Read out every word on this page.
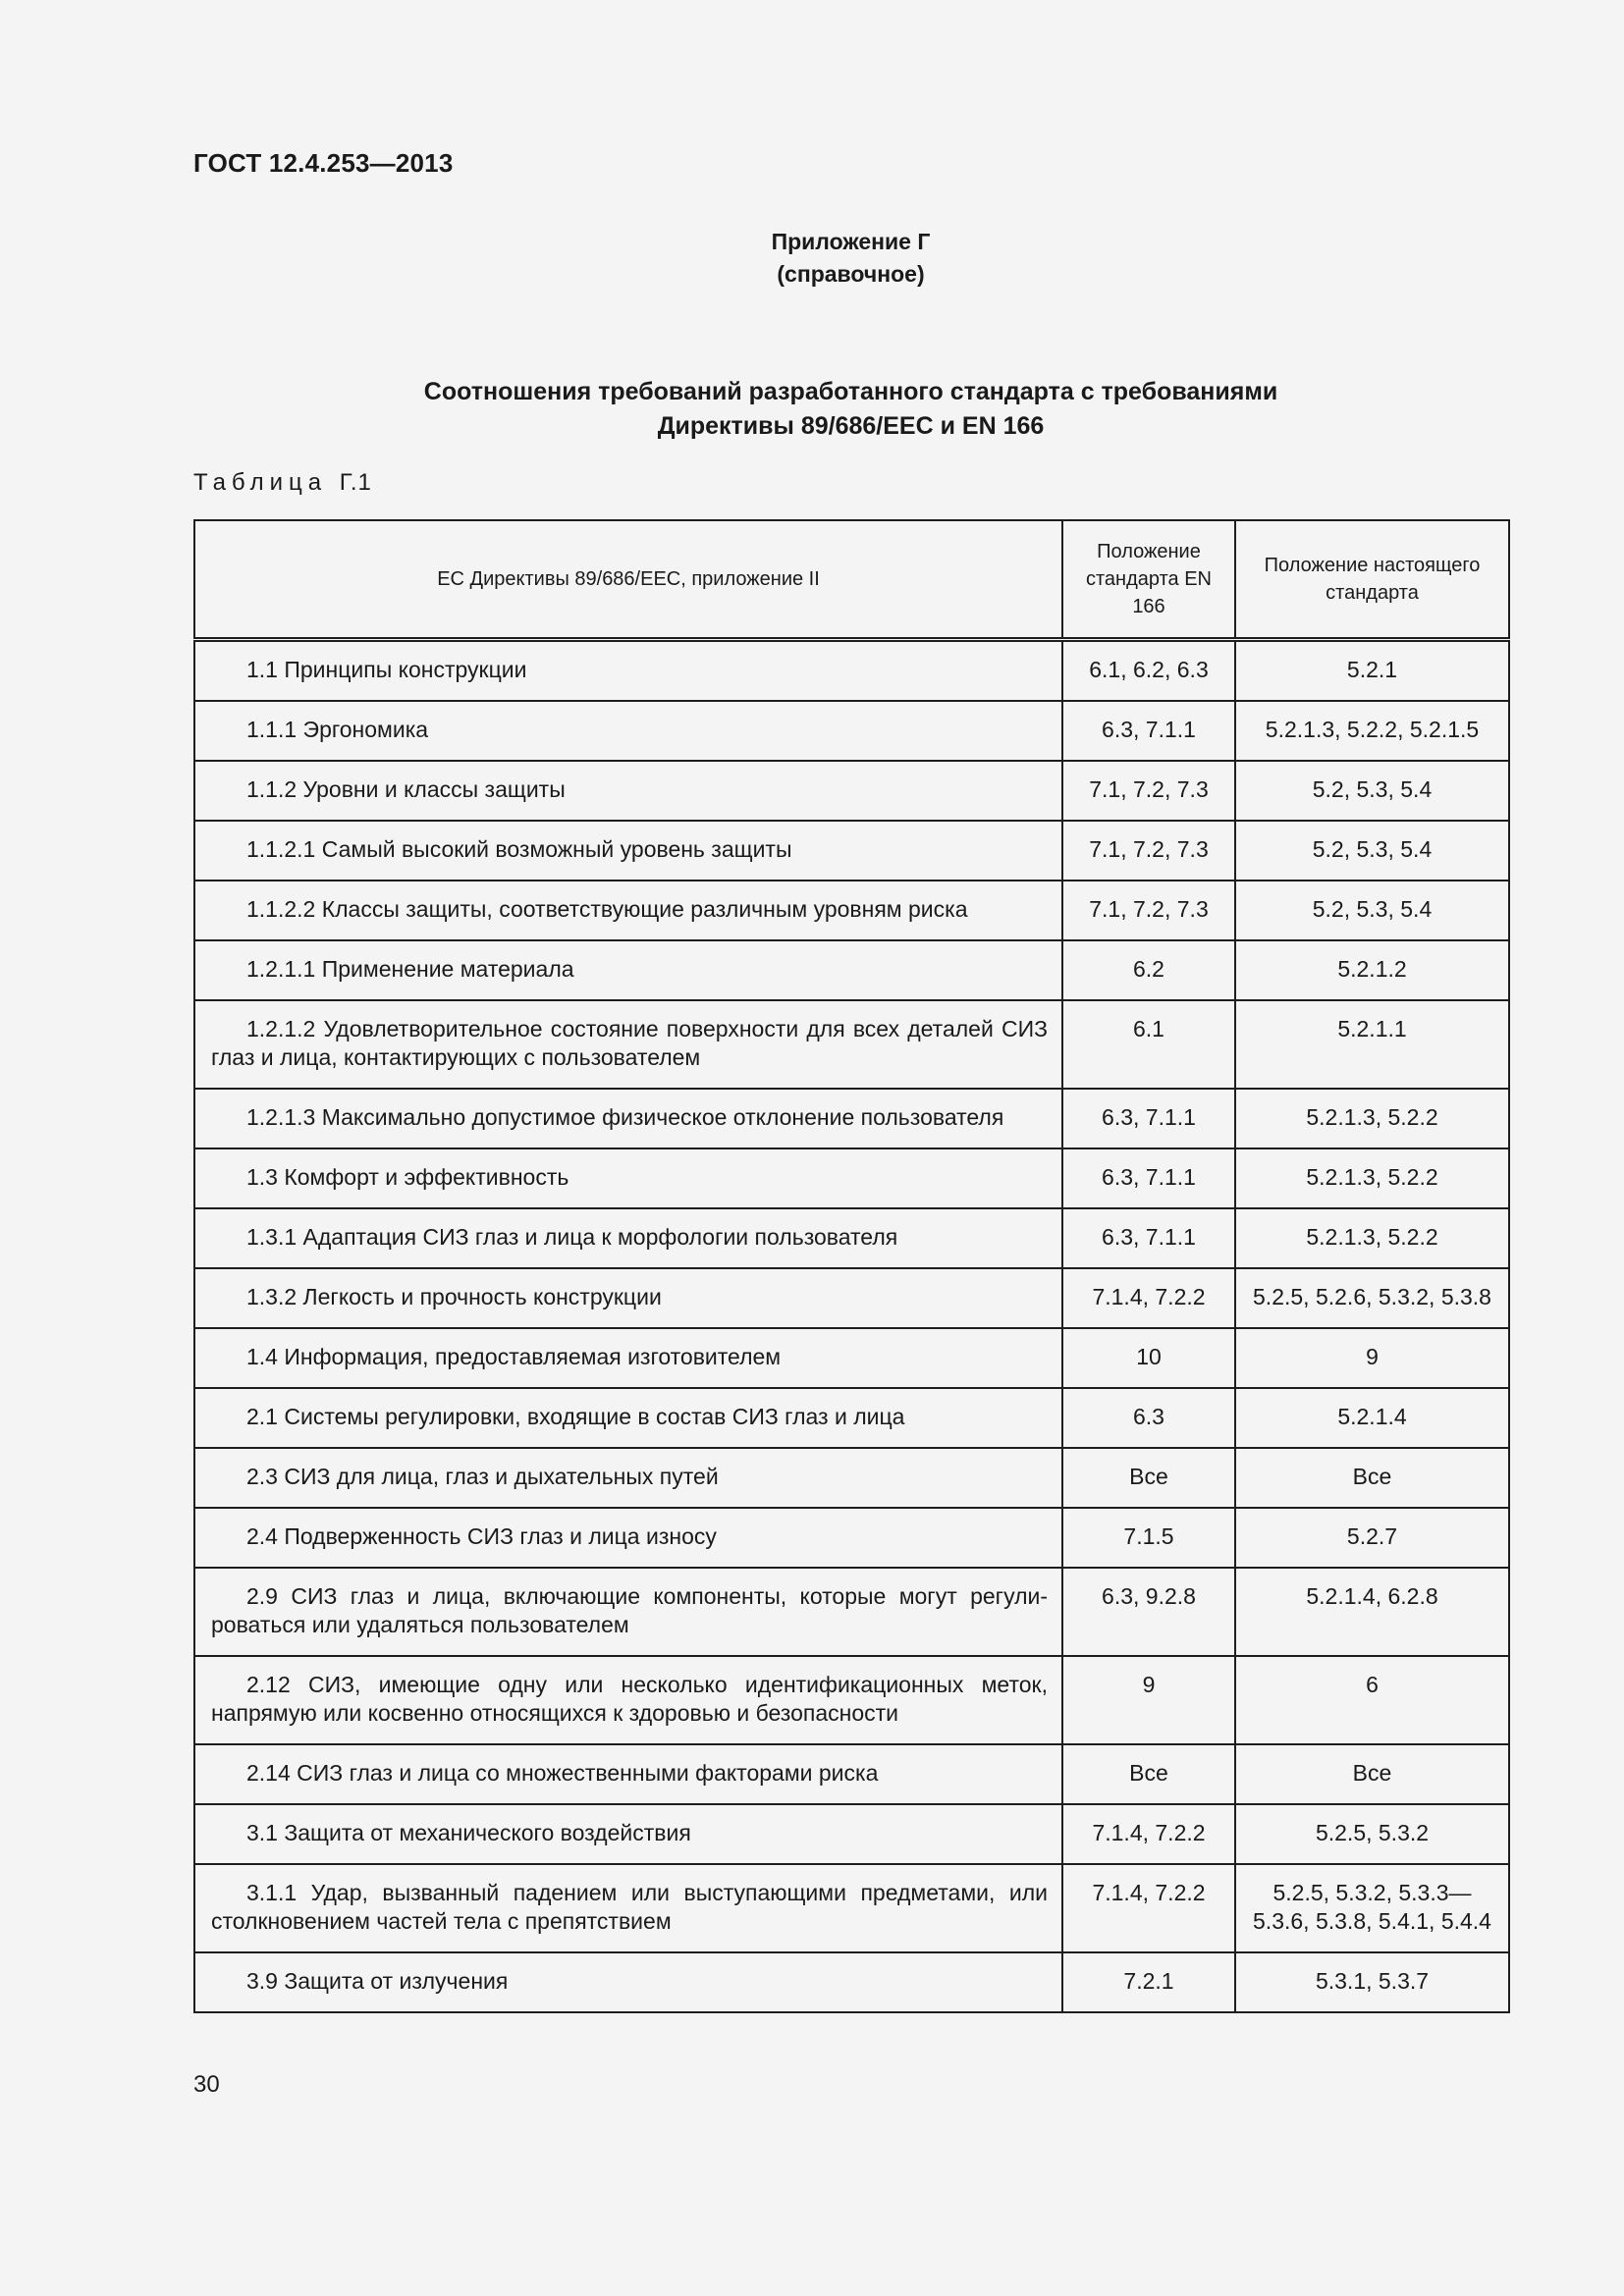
ГОСТ 12.4.253—2013
Приложение Г
(справочное)
Соотношения требований разработанного стандарта с требованиями
Директивы 89/686/EEC и EN 166
Таблица Г.1
ЕС Директивы 89/686/ЕЕС, приложение II	Положение стандарта EN 166	Положение настоящего стандарта
1.1 Принципы конструкции	6.1, 6.2, 6.3	5.2.1
1.1.1 Эргономика	6.3, 7.1.1	5.2.1.3, 5.2.2, 5.2.1.5
1.1.2 Уровни и классы защиты	7.1, 7.2, 7.3	5.2, 5.3, 5.4
1.1.2.1 Самый высокий возможный уровень защиты	7.1, 7.2, 7.3	5.2, 5.3, 5.4
1.1.2.2 Классы защиты, соответствующие различным уровням риска	7.1, 7.2, 7.3	5.2, 5.3, 5.4
1.2.1.1 Применение материала	6.2	5.2.1.2
1.2.1.2 Удовлетворительное состояние поверхности для всех деталей СИЗ глаз и лица, контактирующих с пользователем	6.1	5.2.1.1
1.2.1.3 Максимально допустимое физическое отклонение пользователя	6.3, 7.1.1	5.2.1.3, 5.2.2
1.3 Комфорт и эффективность	6.3, 7.1.1	5.2.1.3, 5.2.2
1.3.1 Адаптация СИЗ глаз и лица к морфологии пользователя	6.3, 7.1.1	5.2.1.3, 5.2.2
1.3.2 Легкость и прочность конструкции	7.1.4, 7.2.2	5.2.5, 5.2.6, 5.3.2, 5.3.8
1.4 Информация, предоставляемая изготовителем	10	9
2.1 Системы регулировки, входящие в состав СИЗ глаз и лица	6.3	5.2.1.4
2.3 СИЗ для лица, глаз и дыхательных путей	Все	Все
2.4 Подверженность СИЗ глаз и лица износу	7.1.5	5.2.7
2.9 СИЗ глаз и лица, включающие компоненты, которые могут регули-роваться или удаляться пользователем	6.3, 9.2.8	5.2.1.4, 6.2.8
2.12 СИЗ, имеющие одну или несколько идентификационных меток, напрямую или косвенно относящихся к здоровью и безопасности	9	6
2.14 СИЗ глаз и лица со множественными факторами риска	Все	Все
3.1 Защита от механического воздействия	7.1.4, 7.2.2	5.2.5, 5.3.2
3.1.1 Удар, вызванный падением или выступающими предметами, или столкновением частей тела с препятствием	7.1.4, 7.2.2	5.2.5, 5.3.2, 5.3.3—5.3.6, 5.3.8, 5.4.1, 5.4.4
3.9 Защита от излучения	7.2.1	5.3.1, 5.3.7
30
